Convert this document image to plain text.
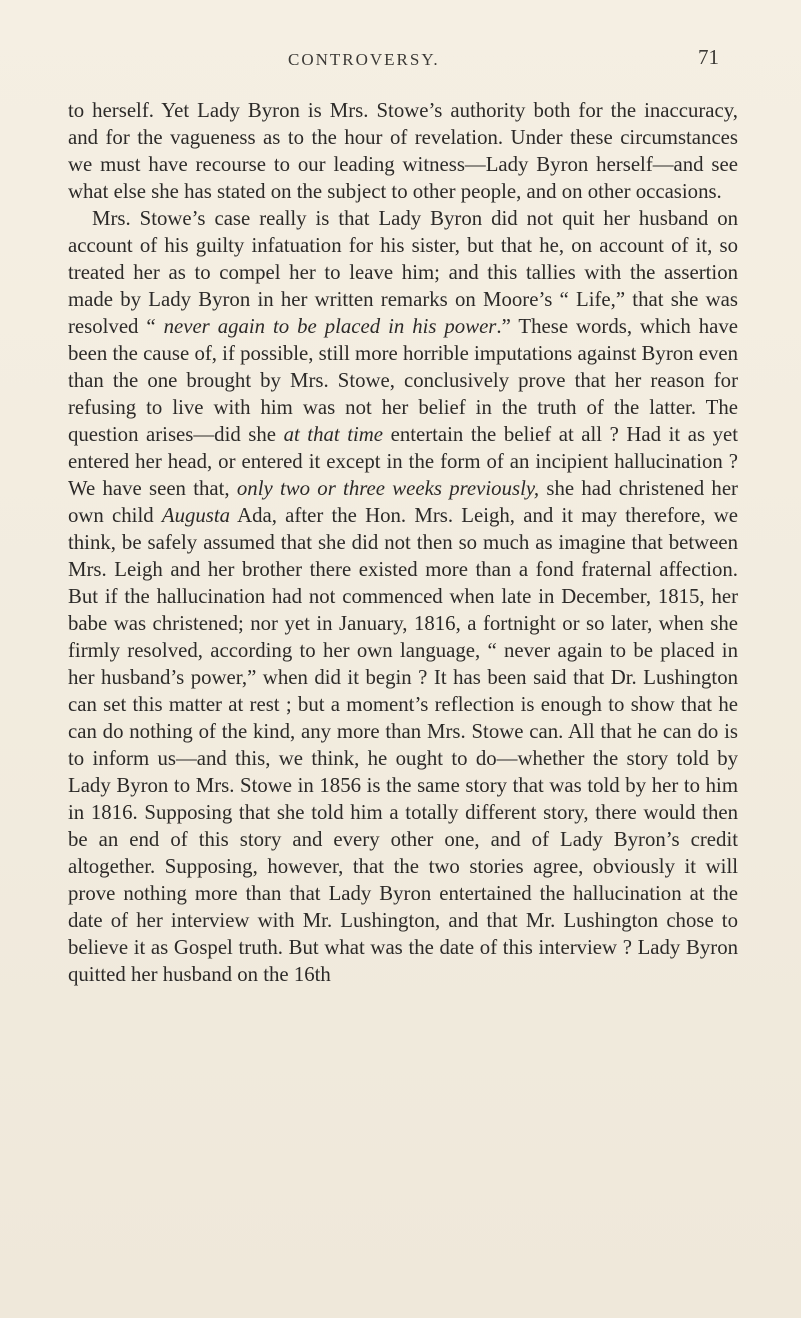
CONTROVERSY.	71

to herself. Yet Lady Byron is Mrs. Stowe’s authority both for the inaccuracy, and for the vagueness as to the hour of revelation. Under these circumstances we must have recourse to our leading witness—Lady Byron herself—and see what else she has stated on the subject to other people, and on other occasions.

Mrs. Stowe’s case really is that Lady Byron did not quit her husband on account of his guilty infatuation for his sister, but that he, on account of it, so treated her as to compel her to leave him; and this tallies with the assertion made by Lady Byron in her written remarks on Moore’s “ Life,” that she was resolved “ never again to be placed in his power.” These words, which have been the cause of, if possible, still more horrible imputations against Byron even than the one brought by Mrs. Stowe, conclusively prove that her reason for refusing to live with him was not her belief in the truth of the latter. The question arises—did she at that time entertain the belief at all ? Had it as yet entered her head, or entered it except in the form of an incipient hallucination ? We have seen that, only two or three weeks previously, she had christened her own child Augusta Ada, after the Hon. Mrs. Leigh, and it may therefore, we think, be safely assumed that she did not then so much as imagine that between Mrs. Leigh and her brother there existed more than a fond fraternal affection. But if the hallucination had not commenced when late in December, 1815, her babe was christened; nor yet in January, 1816, a fortnight or so later, when she firmly resolved, according to her own language, “ never again to be placed in her husband’s power,” when did it begin ? It has been said that Dr. Lushington can set this matter at rest ; but a moment’s reflection is enough to show that he can do nothing of the kind, any more than Mrs. Stowe can. All that he can do is to inform us—and this, we think, he ought to do—whether the story told by Lady Byron to Mrs. Stowe in 1856 is the same story that was told by her to him in 1816. Supposing that she told him a totally different story, there would then be an end of this story and every other one, and of Lady Byron’s credit altogether. Supposing, however, that the two stories agree, obviously it will prove nothing more than that Lady Byron entertained the hallucination at the date of her interview with Mr. Lushington, and that Mr. Lushington chose to believe it as Gospel truth. But what was the date of this interview ? Lady Byron quitted her husband on the 16th
